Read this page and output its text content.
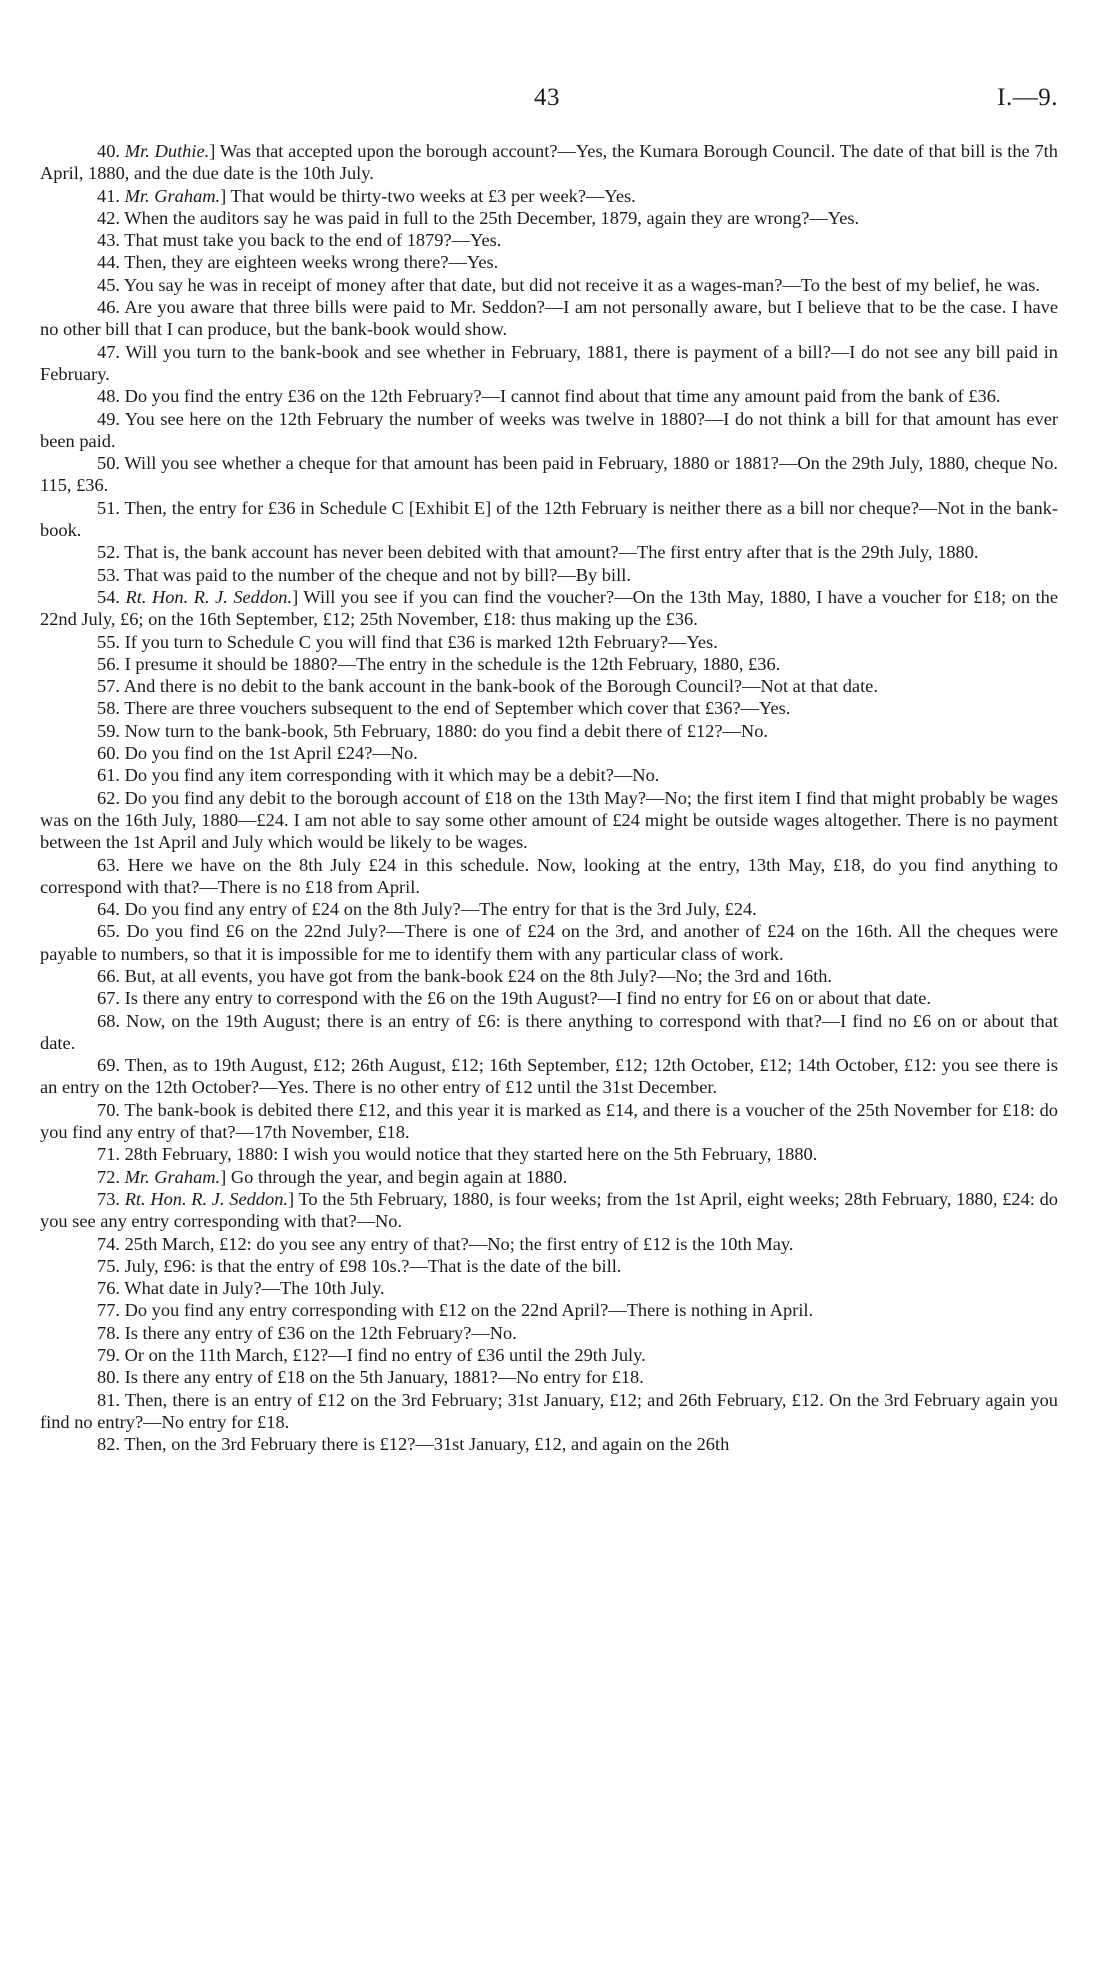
43	I.—9.

40. Mr. Duthie.] Was that accepted upon the borough account?—Yes, the Kumara Borough Council. The date of that bill is the 7th April, 1880, and the due date is the 10th July.

41. Mr. Graham.] That would be thirty-two weeks at £3 per week?—Yes.

42. When the auditors say he was paid in full to the 25th December, 1879, again they are wrong?—Yes.

43. That must take you back to the end of 1879?—Yes.

44. Then, they are eighteen weeks wrong there?—Yes.

45. You say he was in receipt of money after that date, but did not receive it as a wages-man?—To the best of my belief, he was.

46. Are you aware that three bills were paid to Mr. Seddon?—I am not personally aware, but I believe that to be the case. I have no other bill that I can produce, but the bank-book would show.

47. Will you turn to the bank-book and see whether in February, 1881, there is payment of a bill?—I do not see any bill paid in February.

48. Do you find the entry £36 on the 12th February?—I cannot find about that time any amount paid from the bank of £36.

49. You see here on the 12th February the number of weeks was twelve in 1880?—I do not think a bill for that amount has ever been paid.

50. Will you see whether a cheque for that amount has been paid in February, 1880 or 1881?—On the 29th July, 1880, cheque No. 115, £36.

51. Then, the entry for £36 in Schedule C [Exhibit E] of the 12th February is neither there as a bill nor cheque?—Not in the bank-book.

52. That is, the bank account has never been debited with that amount?—The first entry after that is the 29th July, 1880.

53. That was paid to the number of the cheque and not by bill?—By bill.

54. Rt. Hon. R. J. Seddon.] Will you see if you can find the voucher?—On the 13th May, 1880, I have a voucher for £18; on the 22nd July, £6; on the 16th September, £12; 25th November, £18: thus making up the £36.

55. If you turn to Schedule C you will find that £36 is marked 12th February?—Yes.

56. I presume it should be 1880?—The entry in the schedule is the 12th February, 1880, £36.

57. And there is no debit to the bank account in the bank-book of the Borough Council?—Not at that date.

58. There are three vouchers subsequent to the end of September which cover that £36?—Yes.

59. Now turn to the bank-book, 5th February, 1880: do you find a debit there of £12?—No.

60. Do you find on the 1st April £24?—No.

61. Do you find any item corresponding with it which may be a debit?—No.

62. Do you find any debit to the borough account of £18 on the 13th May?—No; the first item I find that might probably be wages was on the 16th July, 1880—£24. I am not able to say some other amount of £24 might be outside wages altogether. There is no payment between the 1st April and July which would be likely to be wages.

63. Here we have on the 8th July £24 in this schedule. Now, looking at the entry, 13th May, £18, do you find anything to correspond with that?—There is no £18 from April.

64. Do you find any entry of £24 on the 8th July?—The entry for that is the 3rd July, £24.

65. Do you find £6 on the 22nd July?—There is one of £24 on the 3rd, and another of £24 on the 16th. All the cheques were payable to numbers, so that it is impossible for me to identify them with any particular class of work.

66. But, at all events, you have got from the bank-book £24 on the 8th July?—No; the 3rd and 16th.

67. Is there any entry to correspond with the £6 on the 19th August?—I find no entry for £6 on or about that date.

68. Now, on the 19th August; there is an entry of £6: is there anything to correspond with that?—I find no £6 on or about that date.

69. Then, as to 19th August, £12; 26th August, £12; 16th September, £12; 12th October, £12; 14th October, £12: you see there is an entry on the 12th October?—Yes. There is no other entry of £12 until the 31st December.

70. The bank-book is debited there £12, and this year it is marked as £14, and there is a voucher of the 25th November for £18: do you find any entry of that?—17th November, £18.

71. 28th February, 1880: I wish you would notice that they started here on the 5th February, 1880.

72. Mr. Graham.] Go through the year, and begin again at 1880.

73. Rt. Hon. R. J. Seddon.] To the 5th February, 1880, is four weeks; from the 1st April, eight weeks; 28th February, 1880, £24: do you see any entry corresponding with that?—No.

74. 25th March, £12: do you see any entry of that?—No; the first entry of £12 is the 10th May.

75. July, £96: is that the entry of £98 10s.?—That is the date of the bill.

76. What date in July?—The 10th July.

77. Do you find any entry corresponding with £12 on the 22nd April?—There is nothing in April.

78. Is there any entry of £36 on the 12th February?—No.

79. Or on the 11th March, £12?—I find no entry of £36 until the 29th July.

80. Is there any entry of £18 on the 5th January, 1881?—No entry for £18.

81. Then, there is an entry of £12 on the 3rd February; 31st January, £12; and 26th February, £12. On the 3rd February again you find no entry?—No entry for £18.

82. Then, on the 3rd February there is £12?—31st January, £12, and again on the 26th
